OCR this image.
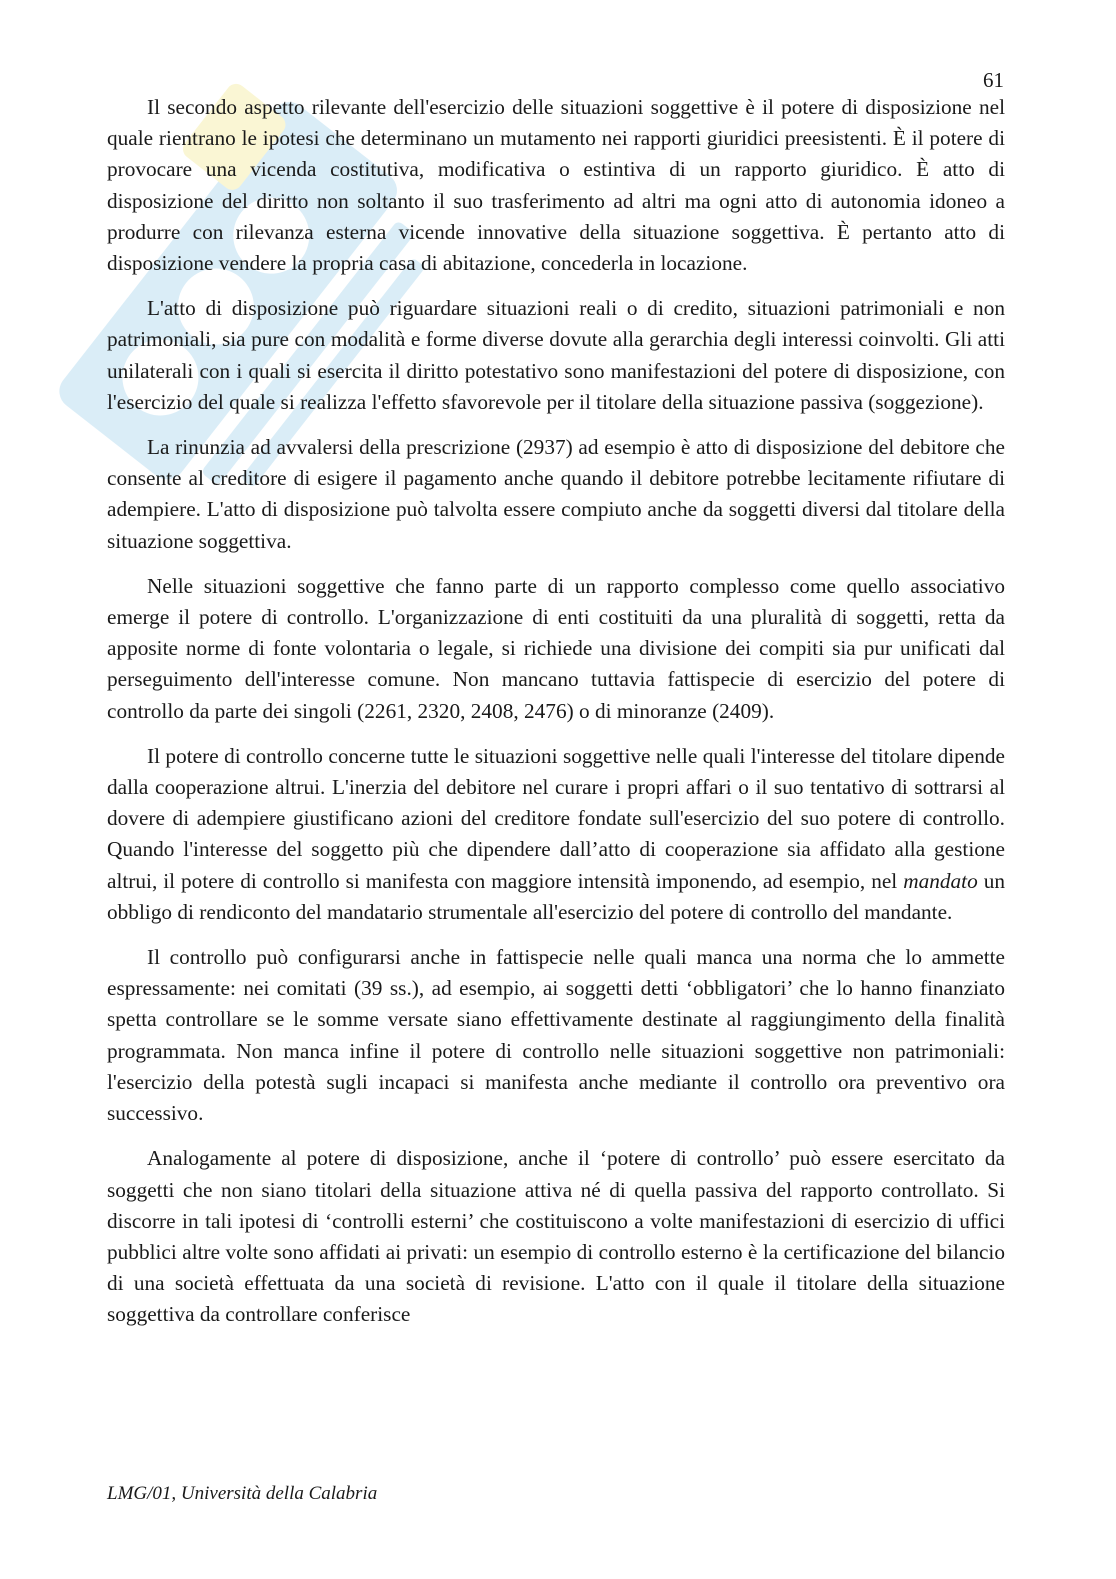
61

Il secondo aspetto rilevante dell'esercizio delle situazioni soggettive è il potere di disposizione nel quale rientrano le ipotesi che determinano un mutamento nei rapporti giuridici preesistenti. È il potere di provocare una vicenda costitutiva, modificativa o estintiva di un rapporto giuridico. È atto di disposizione del diritto non soltanto il suo trasferimento ad altri ma ogni atto di autonomia idoneo a produrre con rilevanza esterna vicende innovative della situazione soggettiva. È pertanto atto di disposizione vendere la propria casa di abitazione, concederla in locazione.

L'atto di disposizione può riguardare situazioni reali o di credito, situazioni patrimoniali e non patrimoniali, sia pure con modalità e forme diverse dovute alla gerarchia degli interessi coinvolti. Gli atti unilaterali con i quali si esercita il diritto potestativo sono manifestazioni del potere di disposizione, con l'esercizio del quale si realizza l'effetto sfavorevole per il titolare della situazione passiva (soggezione).

La rinunzia ad avvalersi della prescrizione (2937) ad esempio è atto di disposizione del debitore che consente al creditore di esigere il pagamento anche quando il debitore potrebbe lecitamente rifiutare di adempiere. L'atto di disposizione può talvolta essere compiuto anche da soggetti diversi dal titolare della situazione soggettiva.

Nelle situazioni soggettive che fanno parte di un rapporto complesso come quello associativo emerge il potere di controllo. L'organizzazione di enti costituiti da una pluralità di soggetti, retta da apposite norme di fonte volontaria o legale, si richiede una divisione dei compiti sia pur unificati dal perseguimento dell'interesse comune. Non mancano tuttavia fattispecie di esercizio del potere di controllo da parte dei singoli (2261, 2320, 2408, 2476) o di minoranze (2409).

Il potere di controllo concerne tutte le situazioni soggettive nelle quali l'interesse del titolare dipende dalla cooperazione altrui. L'inerzia del debitore nel curare i propri affari o il suo tentativo di sottrarsi al dovere di adempiere giustificano azioni del creditore fondate sull'esercizio del suo potere di controllo. Quando l'interesse del soggetto più che dipendere dall’atto di cooperazione sia affidato alla gestione altrui, il potere di controllo si manifesta con maggiore intensità imponendo, ad esempio, nel mandato un obbligo di rendiconto del mandatario strumentale all'esercizio del potere di controllo del mandante.

Il controllo può configurarsi anche in fattispecie nelle quali manca una norma che lo ammette espressamente: nei comitati (39 ss.), ad esempio, ai soggetti detti ‘obbligatori’ che lo hanno finanziato spetta controllare se le somme versate siano effettivamente destinate al raggiungimento della finalità programmata. Non manca infine il potere di controllo nelle situazioni soggettive non patrimoniali: l'esercizio della potestà sugli incapaci si manifesta anche mediante il controllo ora preventivo ora successivo.

Analogamente al potere di disposizione, anche il ‘potere di controllo’ può essere esercitato da soggetti che non siano titolari della situazione attiva né di quella passiva del rapporto controllato. Si discorre in tali ipotesi di ‘controlli esterni’ che costituiscono a volte manifestazioni di esercizio di uffici pubblici altre volte sono affidati ai privati: un esempio di controllo esterno è la certificazione del bilancio di una società effettuata da una società di revisione. L'atto con il quale il titolare della situazione soggettiva da controllare conferisce

LMG/01, Università della Calabria
